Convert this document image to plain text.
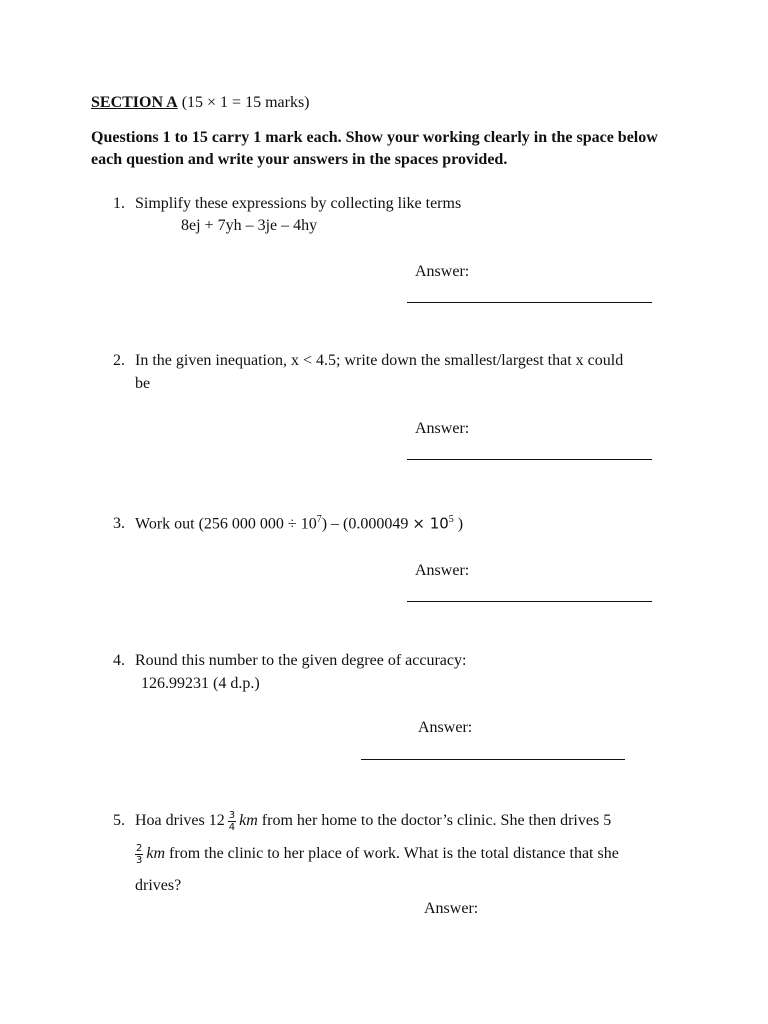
SECTION A (15 × 1 = 15 marks)
Questions 1 to 15 carry 1 mark each. Show your working clearly in the space below each question and write your answers in the spaces provided.
1. Simplify these expressions by collecting like terms
8ej + 7yh – 3je – 4hy
Answer:
2. In the given inequation, x < 4.5; write down the smallest/largest that x could
be
Answer:
3. Work out (256 000 $000 \div 10^7) - (0.000049 \times 10^5$ )
Answer:
4. Round this number to the given degree of accuracy:
126.99231 (4 d.p.)
Answer:
5. Hoa drives $12 \frac{3}{4}$ km from her home to the doctor’s clinic. She then drives 5
$\frac{2}{3}$ km from the clinic to her place of work. What is the total distance that she
drives?
Answer:
